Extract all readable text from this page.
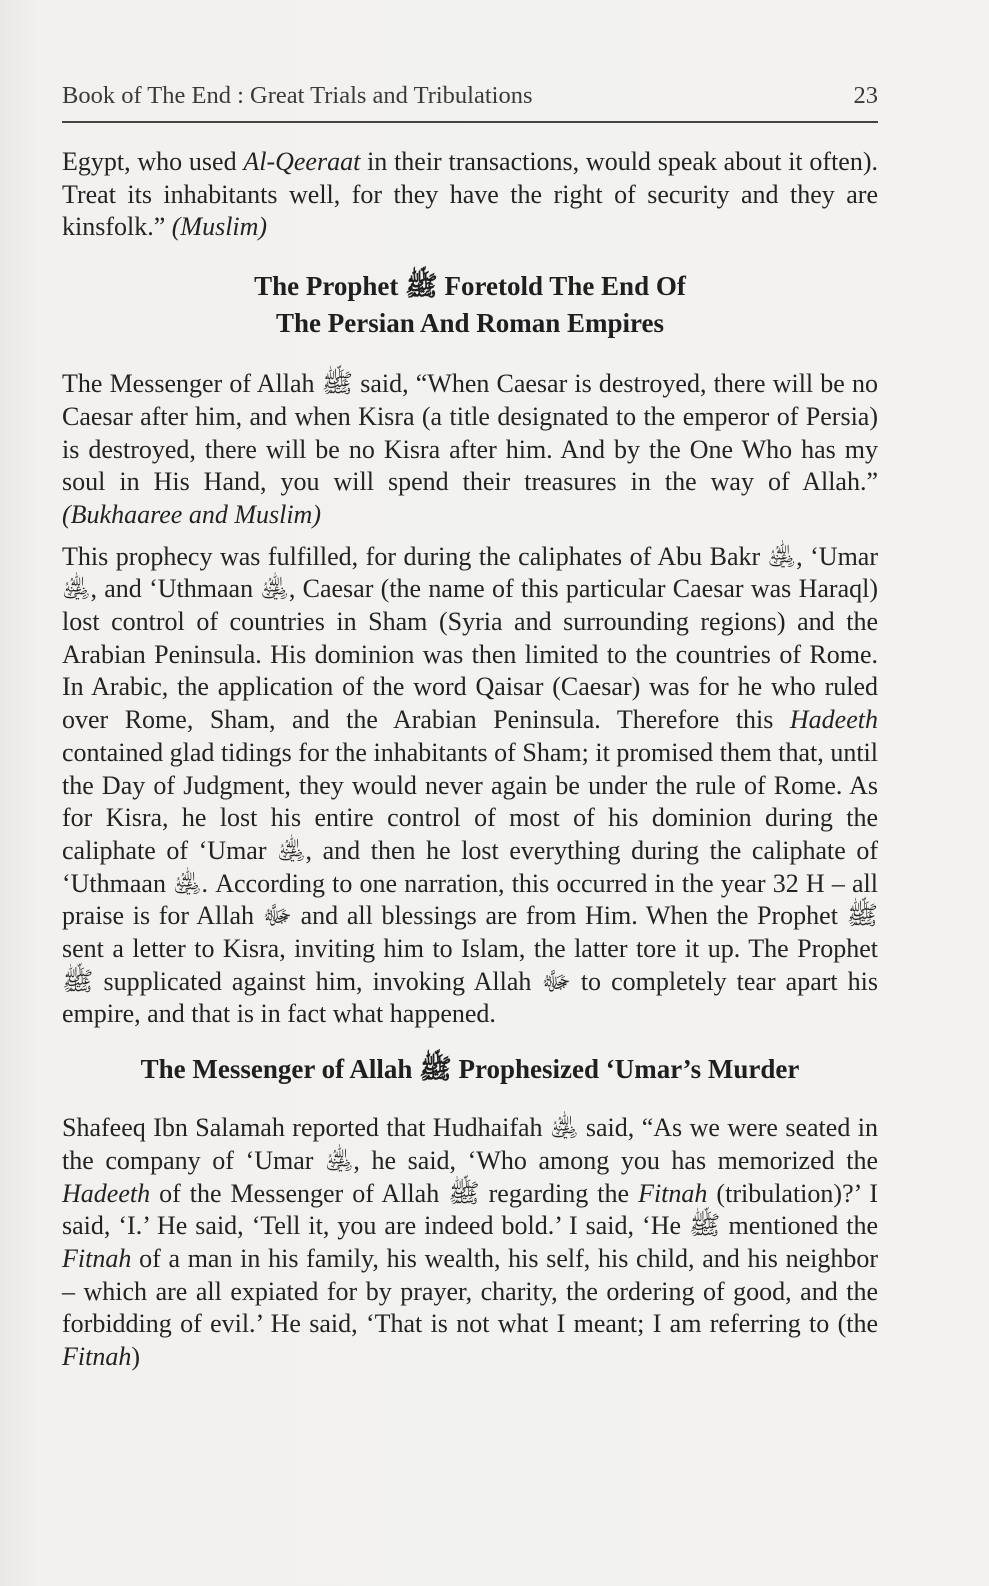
Book of The End : Great Trials and Tribulations	23

Egypt, who used Al-Qeeraat in their transactions, would speak about it often). Treat its inhabitants well, for they have the right of security and they are kinsfolk.” (Muslim)

The Prophet ﷺ Foretold The End Of
The Persian And Roman Empires

The Messenger of Allah ﷺ said, “When Caesar is destroyed, there will be no Caesar after him, and when Kisra (a title designated to the emperor of Persia) is destroyed, there will be no Kisra after him. And by the One Who has my soul in His Hand, you will spend their treasures in the way of Allah.” (Bukhaaree and Muslim)

This prophecy was fulfilled, for during the caliphates of Abu Bakr ﵁, ‘Umar ﵁, and ‘Uthmaan ﵁, Caesar (the name of this particular Caesar was Haraql) lost control of countries in Sham (Syria and surrounding regions) and the Arabian Peninsula. His dominion was then limited to the countries of Rome. In Arabic, the application of the word Qaisar (Caesar) was for he who ruled over Rome, Sham, and the Arabian Peninsula. Therefore this Hadeeth contained glad tidings for the inhabitants of Sham; it promised them that, until the Day of Judgment, they would never again be under the rule of Rome. As for Kisra, he lost his entire control of most of his dominion during the caliphate of ‘Umar ﵁, and then he lost everything during the caliphate of ‘Uthmaan ﵁. According to one narration, this occurred in the year 32 H – all praise is for Allah ﷻ and all blessings are from Him. When the Prophet ﷺ sent a letter to Kisra, inviting him to Islam, the latter tore it up. The Prophet ﷺ supplicated against him, invoking Allah ﷻ to completely tear apart his empire, and that is in fact what happened.

The Messenger of Allah ﷺ Prophesized ‘Umar’s Murder

Shafeeq Ibn Salamah reported that Hudhaifah ﵁ said, “As we were seated in the company of ‘Umar ﵁, he said, ‘Who among you has memorized the Hadeeth of the Messenger of Allah ﷺ regarding the Fitnah (tribulation)?’ I said, ‘I.’ He said, ‘Tell it, you are indeed bold.’ I said, ‘He ﷺ mentioned the Fitnah of a man in his family, his wealth, his self, his child, and his neighbor – which are all expiated for by prayer, charity, the ordering of good, and the forbidding of evil.’ He said, ‘That is not what I meant; I am referring to (the Fitnah)
